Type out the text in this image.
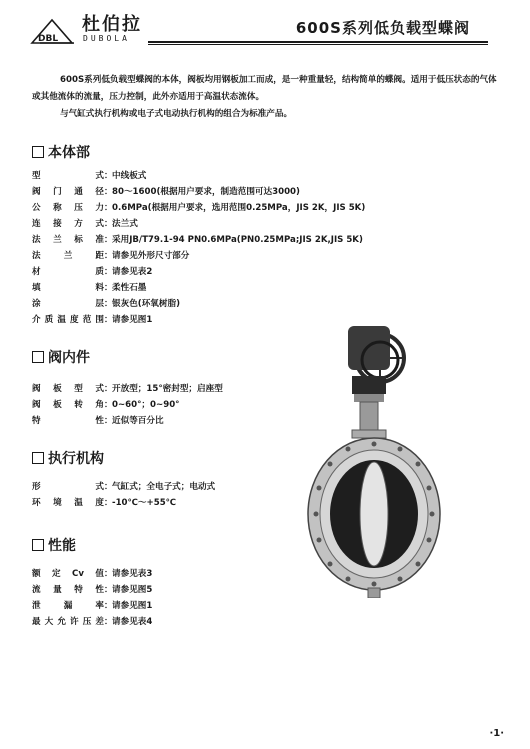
DBL
杜伯拉
DUBOLA
600S系列低负载型蝶阀

600S系列低负载型蝶阀的本体，阀板均用钢板加工而成，是一种重量轻，结构简单的蝶阀。适用于低压状态的气体或其他流体的流量，压力控制，此外亦适用于高温状态流体。

与气缸式执行机构或电子式电动执行机构的组合为标准产品。

本体部
型式 ： 中线板式
阀门通径 ： 80～1600(根据用户要求，制造范围可达3000)
公称压力 ： 0.6MPa(根据用户要求，选用范围0.25MPa，JIS 2K，JIS 5K)
连接方式 ： 法兰式
法兰标准 ： 采用JB/T79.1-94 PN0.6MPa(PN0.25MPa;JIS 2K,JIS 5K)
法兰距 ： 请参见外形尺寸部分
材质 ： 请参见表2
填料 ： 柔性石墨
涂层 ： 银灰色(环氧树脂)
介质温度范围 ： 请参见图1
阀内件
阀板型式 ： 开放型；15°密封型；启座型
阀板转角 ： 0~60°；0~90°
特性 ： 近似等百分比
执行机构
形式 ： 气缸式；全电子式；电动式
环境温度 ： -10℃～+55℃
性能
额定Cv值 ： 请参见表3
流量特性 ： 请参见图5
泄漏率 ： 请参见图1
最大允许压差 ： 请参见表4
·1·
